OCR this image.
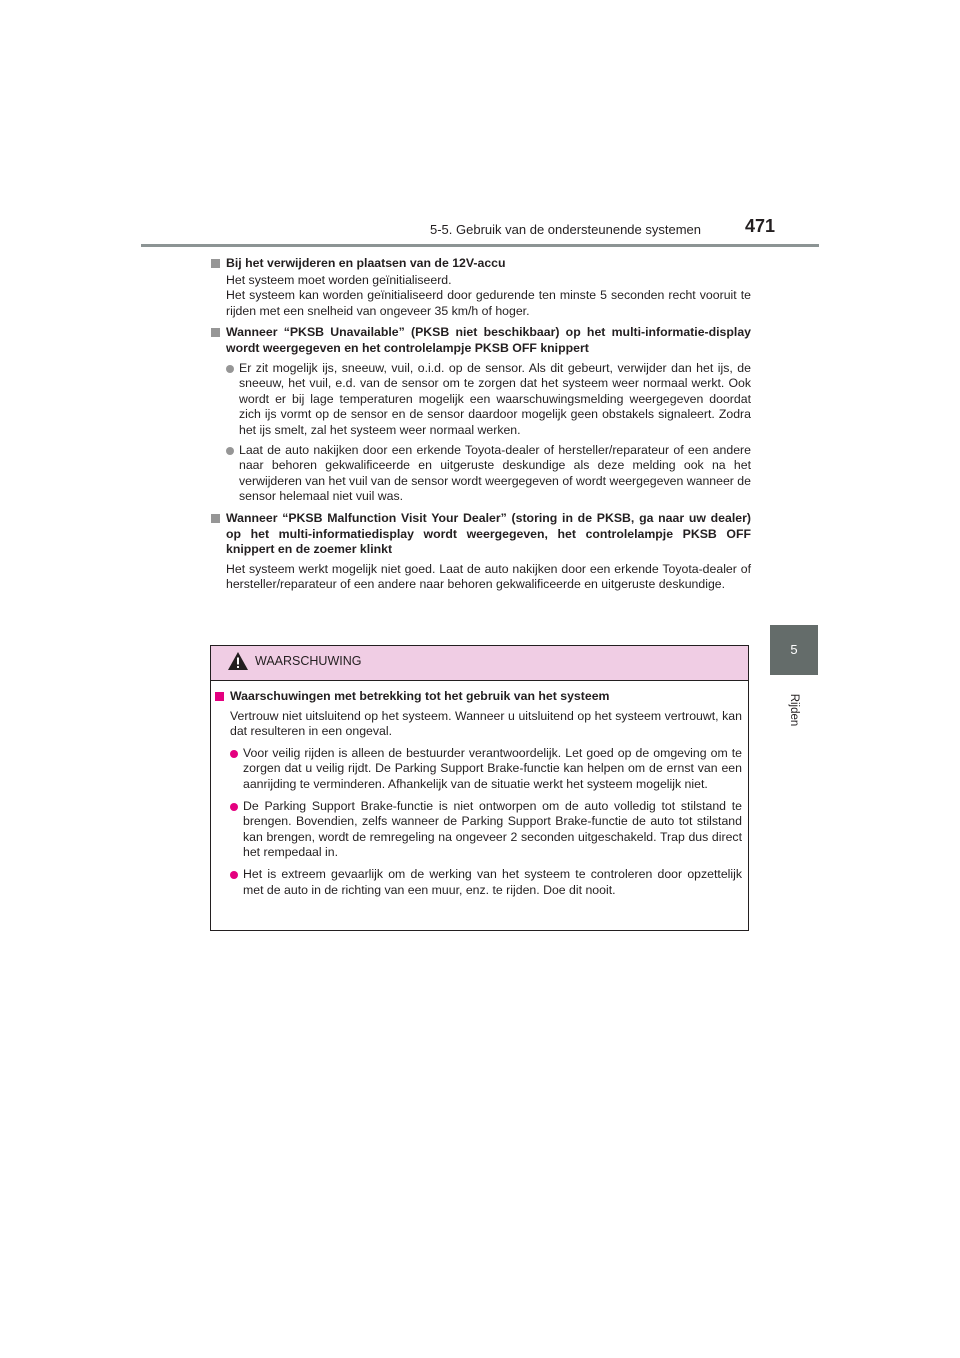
5-5. Gebruik van de ondersteunende systemen 471
5
Rijden
Bij het verwijderen en plaatsen van de 12V-accu
Het systeem moet worden geïnitialiseerd.
Het systeem kan worden geïnitialiseerd door gedurende ten minste 5 seconden recht vooruit te rijden met een snelheid van ongeveer 35 km/h of hoger.
Wanneer “PKSB Unavailable” (PKSB niet beschikbaar) op het multi-informatie-display wordt weergegeven en het controlelampje PKSB OFF knippert
Er zit mogelijk ijs, sneeuw, vuil, o.i.d. op de sensor. Als dit gebeurt, verwijder dan het ijs, de sneeuw, het vuil, e.d. van de sensor om te zorgen dat het systeem weer normaal werkt. Ook wordt er bij lage temperaturen mogelijk een waarschuwingsmelding weergegeven doordat zich ijs vormt op de sensor en de sensor daardoor mogelijk geen obstakels signaleert. Zodra het ijs smelt, zal het systeem weer normaal werken.
Laat de auto nakijken door een erkende Toyota-dealer of hersteller/reparateur of een andere naar behoren gekwalificeerde en uitgeruste deskundige als deze melding ook na het verwijderen van het vuil van de sensor wordt weergegeven of wordt weergegeven wanneer de sensor helemaal niet vuil was.
Wanneer “PKSB Malfunction Visit Your Dealer” (storing in de PKSB, ga naar uw dealer) op het multi-informatiedisplay wordt weergegeven, het controlelampje PKSB OFF knippert en de zoemer klinkt
Het systeem werkt mogelijk niet goed. Laat de auto nakijken door een erkende Toyota-dealer of hersteller/reparateur of een andere naar behoren gekwalificeerde en uitgeruste deskundige.
WAARSCHUWING
Waarschuwingen met betrekking tot het gebruik van het systeem
Vertrouw niet uitsluitend op het systeem. Wanneer u uitsluitend op het systeem vertrouwt, kan dat resulteren in een ongeval.
Voor veilig rijden is alleen de bestuurder verantwoordelijk. Let goed op de omgeving om te zorgen dat u veilig rijdt. De Parking Support Brake-functie kan helpen om de ernst van een aanrijding te verminderen. Afhankelijk van de situatie werkt het systeem mogelijk niet.
De Parking Support Brake-functie is niet ontworpen om de auto volledig tot stilstand te brengen. Bovendien, zelfs wanneer de Parking Support Brake-functie de auto tot stilstand kan brengen, wordt de remregeling na ongeveer 2 seconden uitgeschakeld. Trap dus direct het rempedaal in.
Het is extreem gevaarlijk om de werking van het systeem te controleren door opzettelijk met de auto in de richting van een muur, enz. te rijden. Doe dit nooit.
